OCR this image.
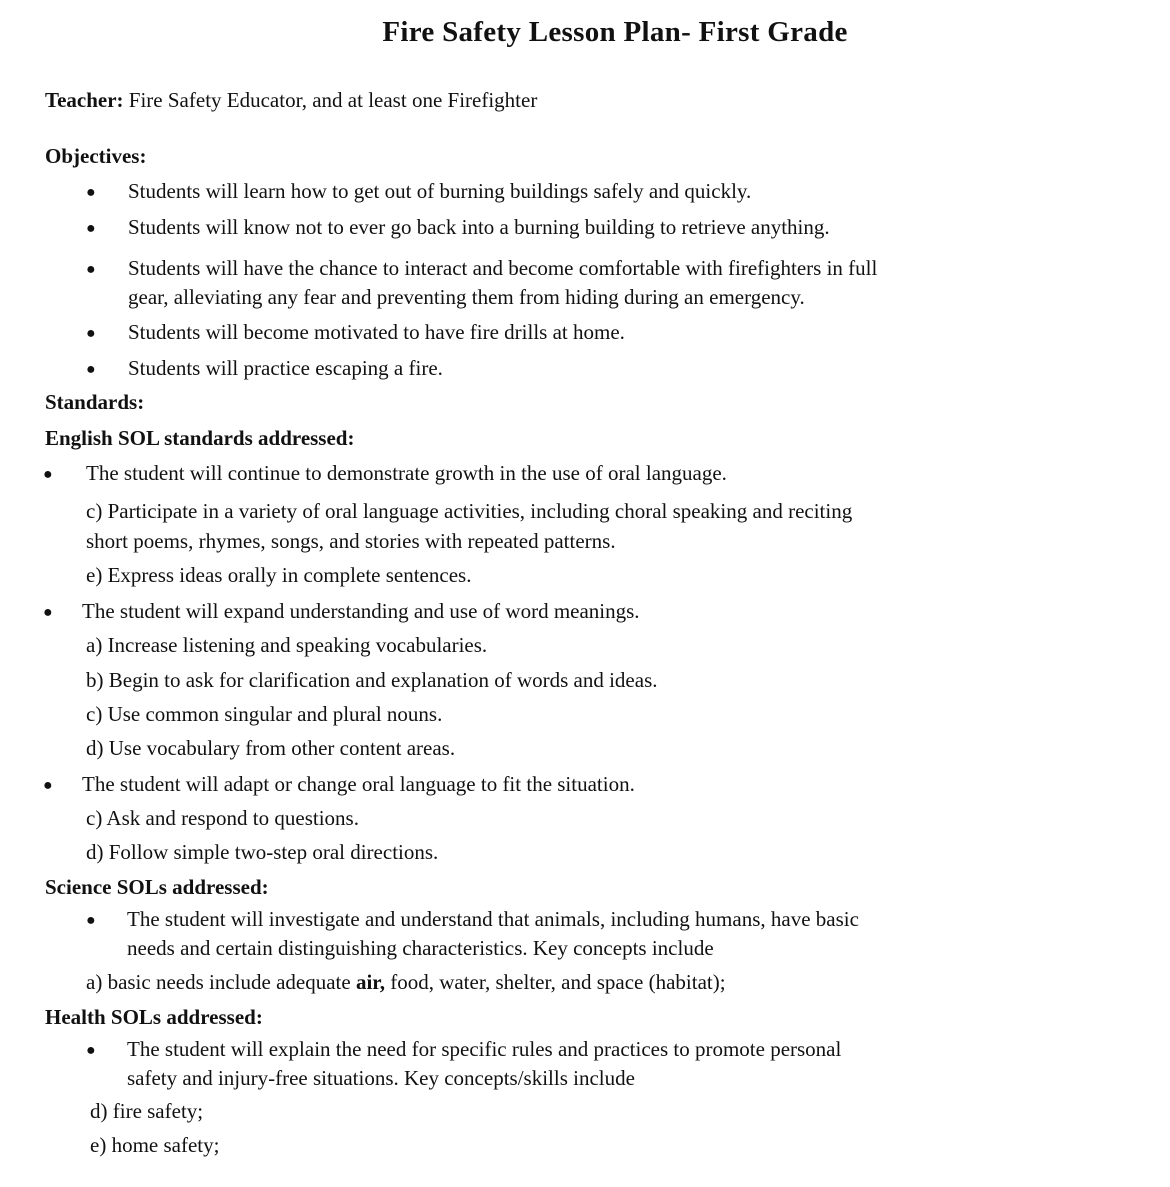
Fire Safety Lesson Plan- First Grade
Teacher: Fire Safety Educator, and at least one Firefighter
Objectives:
● Students will learn how to get out of burning buildings safely and quickly.
● Students will know not to ever go back into a burning building to retrieve anything.
● Students will have the chance to interact and become comfortable with firefighters in full
gear, alleviating any fear and preventing them from hiding during an emergency.
● Students will become motivated to have fire drills at home.
● Students will practice escaping a fire.
Standards:
English SOL standards addressed:
● The student will continue to demonstrate growth in the use of oral language.
c) Participate in a variety of oral language activities, including choral speaking and reciting
short poems, rhymes, songs, and stories with repeated patterns.
e) Express ideas orally in complete sentences.
● The student will expand understanding and use of word meanings.
a) Increase listening and speaking vocabularies.
b) Begin to ask for clarification and explanation of words and ideas.
c) Use common singular and plural nouns.
d) Use vocabulary from other content areas.
● The student will adapt or change oral language to fit the situation.
c) Ask and respond to questions.
d) Follow simple two-step oral directions.
Science SOLs addressed:
● The student will investigate and understand that animals, including humans, have basic
needs and certain distinguishing characteristics. Key concepts include
a) basic needs include adequate air, food, water, shelter, and space (habitat);
Health SOLs addressed:
● The student will explain the need for specific rules and practices to promote personal
safety and injury-free situations. Key concepts/skills include
d) fire safety;
e) home safety;
